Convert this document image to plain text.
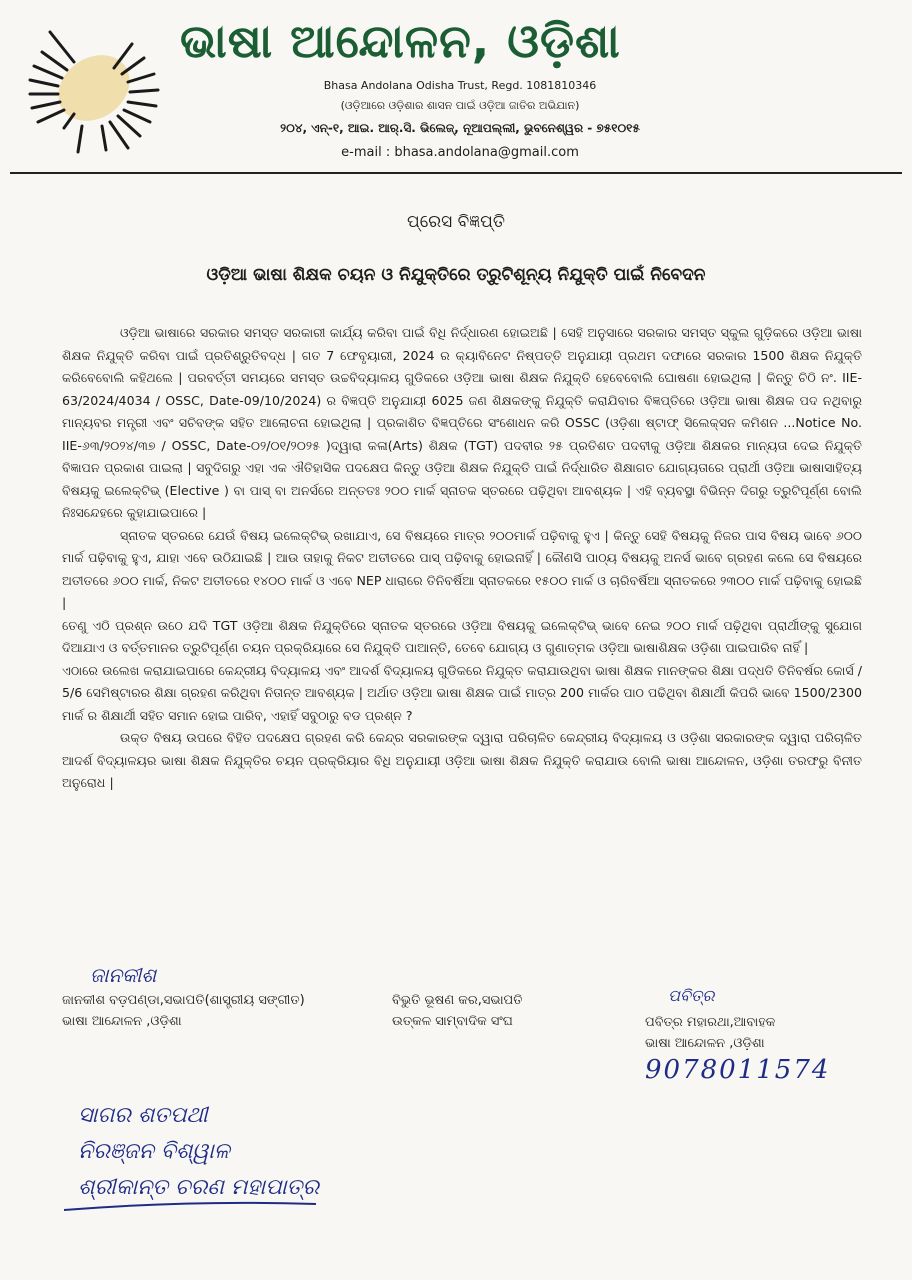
ଭାଷା ଆନ୍ଦୋଳନ, ଓଡ଼ିଶା
Bhasa Andolana Odisha Trust, Regd. 1081810346
(ଓଡ଼ିଆରେ ଓଡ଼ିଶାର ଶାସନ ପାଇଁ ଓଡ଼ିଆ ଜାତିର ଅଭିଯାନ)
୨୦୪, ଏନ୍-୧, ଆଇ. ଆର୍.ସି. ଭିଲେଜ୍, ନୂଆପଲ୍ଲୀ, ଭୁବନେଶ୍ୱର - ୭୫୧୦୧୫
e-mail : bhasa.andolana@gmail.com
ପ୍ରେସ ବିଜ୍ଞପ୍ତି
ଓଡ଼ିଆ ଭାଷା ଶିକ୍ଷକ ଚୟନ ଓ ନିଯୁକ୍ତିରେ ତ୍ରୁଟିଶୂନ୍ୟ ନିଯୁକ୍ତି ପାଇଁ ନିବେଦନ

ଓଡ଼ିଆ ଭାଷାରେ ସରକାର ସମସ୍ତ ସରକାରୀ କାର୍ଯ୍ୟ କରିବା ପାଇଁ ବିଧି ନିର୍ଦ୍ଧାରଣ ହୋଇଅଛି | ସେହି ଅନୁସାରେ ସରକାର ସମସ୍ତ ସ୍କୁଲ ଗୁଡ଼ିକରେ ଓଡ଼ିଆ ଭାଷା ଶିକ୍ଷକ ନିଯୁକ୍ତି କରିବା ପାଇଁ ପ୍ରତିଶ୍ରୁତିବଦ୍ଧ | ଗତ 7 ଫେବୃୟାରୀ, 2024 ର କ୍ୟାବିନେଟ ନିଷ୍ପତ୍ତି ଅନୁଯାୟୀ ପ୍ରଥମ ଦଫାରେ ସରକାର 1500 ଶିକ୍ଷକ ନିଯୁକ୍ତି କରିବେବୋଲି କହିଥଲେ | ପରବର୍ତ୍ତୀ ସମୟରେ ସମସ୍ତ ଉଚ୍ଚବିଦ୍ୟାଳୟ ଗୁଡିକରେ ଓଡ଼ିଆ ଭାଷା ଶିକ୍ଷକ ନିଯୁକ୍ତି ହେବେବୋଲି ଘୋଷଣା ହୋଇଥିଲା | କିନ୍ତୁ ଚିଠି ନଂ. IIE-63/2024/4034 / OSSC, Date-09/10/2024) ର ବିଜ୍ଞପ୍ତି ଅନୁଯାୟୀ 6025 ଜଣ ଶିକ୍ଷକଙ୍କୁ ନିଯୁକ୍ତି କରାଯିବାର ବିଜ୍ଞପ୍ତିରେ ଓଡ଼ିଆ ଭାଷା ଶିକ୍ଷକ ପଦ ନଥିବାରୁ ମାନ୍ୟବର ମନ୍ତ୍ରୀ ଏବଂ ସଚିବଙ୍କ ସହିତ ଆଲୋଚନା ହୋଇଥିଲା | ପ୍ରକାଶିତ ବିଜ୍ଞପ୍ତିରେ ସଂଶୋଧନ କରି OSSC (ଓଡ଼ିଶା ଷ୍ଟାଫ୍ ସିଲେକ୍ସନ କମିଶନ ...Notice No. IIE-୬୩/୨୦୨୪/୩୭ / OSSC, Date-୦୨/୦୧/୨୦୨୫ )ଦ୍ୱାରା କଳା(Arts) ଶିକ୍ଷକ (TGT) ପଦବୀର ୨୫ ପ୍ରତିଶତ ପଦବୀକୁ ଓଡ଼ିଆ ଶିକ୍ଷକର ମାନ୍ୟତା ଦେଇ ନିଯୁକ୍ତି ବିଜ୍ଞାପନ ପ୍ରକାଶ ପାଇଲା | ସବୁଦିଗରୁ ଏହା ଏକ ଐତିହାସିକ ପଦକ୍ଷେପ କିନ୍ତୁ ଓଡ଼ିଆ ଶିକ୍ଷକ ନିଯୁକ୍ତି ପାଇଁ ନିର୍ଦ୍ଧାରିତ ଶିକ୍ଷାଗତ ଯୋଗ୍ୟତାରେ ପ୍ରାର୍ଥୀ ଓଡ଼ିଆ ଭାଷାସାହିତ୍ୟ ବିଷୟକୁ ଇଲେକ୍ଟିଭ୍ (Elective ) ବା ପାସ୍ ବା ଅନର୍ସରେ ଅନ୍ତତଃ ୨୦୦ ମାର୍କ ସ୍ନାତକ ସ୍ତରରେ ପଢ଼ିଥିବା ଆବଶ୍ୟକ | ଏହି ବ୍ୟବସ୍ଥା ବିଭିନ୍ନ ଦିଗରୁ ତ୍ରୁଟିପୂର୍ଣ୍ଣ ବୋଲି ନିଃସନ୍ଦେହରେ କୁହାଯାଇପାରେ |

ସ୍ନାତକ ସ୍ତରରେ ଯେଉଁ ବିଷୟ ଇଲେକ୍ଟିଭ୍ ରଖାଯାଏ, ସେ ବିଷୟରେ ମାତ୍ର ୨୦୦ମାର୍କ ପଢ଼ିବାକୁ ହୁଏ | କିନ୍ତୁ ସେହି ବିଷୟକୁ ନିଜର ପାସ ବିଷୟ ଭାବେ ୬୦୦ ମାର୍କ ପଢ଼ିବାକୁ ହୁଏ, ଯାହା ଏବେ ଉଠିଯାଇଛି | ଆଉ ତାହାକୁ ନିକଟ ଅତୀତରେ ପାସ୍ ପଢ଼ିବାକୁ ହୋଇନାହିଁ | କୌଣସି ପାଠ୍ୟ ବିଷୟକୁ ଅନର୍ସ ଭାବେ ଗ୍ରହଣ କଲେ ସେ ବିଷୟରେ ଅତୀତରେ ୬୦୦ ମାର୍କ, ନିକଟ ଅତୀତରେ ୧୪୦୦ ମାର୍କ ଓ ଏବେ NEP ଧାରାରେ ତିନିବର୍ଷିଆ ସ୍ନାତକରେ ୧୫୦୦ ମାର୍କ ଓ ଚାରିବର୍ଷିଆ ସ୍ନାତକରେ ୨୩୦୦ ମାର୍କ ପଢ଼ିବାକୁ ହୋଇଛି |

ତେଣୁ ଏଠି ପ୍ରଶ୍ନ ଉଠେ ଯଦି TGT ଓଡ଼ିଆ ଶିକ୍ଷକ ନିଯୁକ୍ତିରେ ସ୍ନାତକ ସ୍ତରରେ ଓଡ଼ିଆ ବିଷୟକୁ ଇଲେକ୍ଟିଭ୍ ଭାବେ ନେଇ ୨୦୦ ମାର୍କ ପଢ଼ିଥିବା ପ୍ରାର୍ଥୀଙ୍କୁ ସୁଯୋଗ ଦିଆଯାଏ ଓ ବର୍ତ୍ତମାନର ତ୍ରୁଟିପୂର୍ଣ୍ଣ ଚୟନ ପ୍ରକ୍ରିୟାରେ ସେ ନିଯୁକ୍ତି ପାଆନ୍ତି, ତେବେ ଯୋଗ୍ୟ ଓ ଗୁଣାତ୍ମକ ଓଡ଼ିଆ ଭାଷାଶିକ୍ଷକ ଓଡ଼ିଶା ପାଇପାରିବ ନାହିଁ |

ଏଠାରେ ଉଲେଖ କରାଯାଇପାରେ କେନ୍ଦ୍ରୀୟ ବିଦ୍ୟାଳୟ ଏବଂ ଆଦର୍ଶ ବିଦ୍ୟାଳୟ ଗୁଡିକରେ ନିଯୁକ୍ତ କରାଯାଉଥିବା ଭାଷା ଶିକ୍ଷକ ମାନଙ୍କର ଶିକ୍ଷା ପଦ୍ଧତି ତିନିବର୍ଷର କୋର୍ସ / 5/6 ସେମିଷ୍ଟାରର ଶିକ୍ଷା ଗ୍ରହଣ କରିଥିବା ନିତାନ୍ତ ଆବଶ୍ୟକ | ଅର୍ଥାତ ଓଡ଼ିଆ ଭାଷା ଶିକ୍ଷକ ପାଇଁ ମାତ୍ର 200 ମାର୍କର ପାଠ ପଢିଥିବା ଶିକ୍ଷାର୍ଥୀ କିପରି ଭାବେ 1500/2300 ମାର୍କ ର ଶିକ୍ଷାର୍ଥୀ ସହିତ ସମାନ ହୋଇ ପାରିବ, ଏହାହିଁ ସବୁଠାରୁ ବଡ ପ୍ରଶ୍ନ ?

ଉକ୍ତ ବିଷୟ ଉପରେ ବିହିତ ପଦକ୍ଷେପ ଗ୍ରହଣ କରି କେନ୍ଦ୍ର ସରକାରଙ୍କ ଦ୍ୱାରା ପରିଚାଳିତ କେନ୍ଦ୍ରୀୟ ବିଦ୍ୟାଳୟ ଓ ଓଡ଼ିଶା ସରକାରଙ୍କ ଦ୍ୱାରା ପରିଚାଳିତ ଆଦର୍ଶ ବିଦ୍ୟାଳୟର ଭାଷା ଶିକ୍ଷକ ନିଯୁକ୍ତିର ଚୟନ ପ୍ରକ୍ରିୟାର ବିଧି ଅନୁଯାୟୀ ଓଡ଼ିଆ ଭାଷା ଶିକ୍ଷକ ନିଯୁକ୍ତି କରାଯାଉ ବୋଲି ଭାଷା ଆନ୍ଦୋଳନ, ଓଡ଼ିଶା ତରଫରୁ ବିନୀତ ଅନୁରୋଧ |

ଜାନକୀଶ
ଜାନକୀଶ ବଡ଼ପଣ୍ଡା,ସଭାପତି(ଶାସ୍ତ୍ରୀୟ ସଙ୍ଗୀତ)
ଭାଷା ଆନ୍ଦୋଳନ ,ଓଡ଼ିଶା
ବିଭୁତି ଭୂଷଣ କର,ସଭାପତି
ଉତ୍କଳ ସାମ୍ବାଦିକ ସଂଘ
ପବିତ୍ର
ପବିତ୍ର ମହାରଥା,ଆବାହକ
ଭାଷା ଆନ୍ଦୋଳନ ,ଓଡ଼ିଶା
9078011574
ସାଗର ଶତପଥୀ
ନିରଞ୍ଜନ ବିଶ୍ୱାଳ
ଶ୍ରୀକାନ୍ତ ଚରଣ ମହାପାତ୍ର
